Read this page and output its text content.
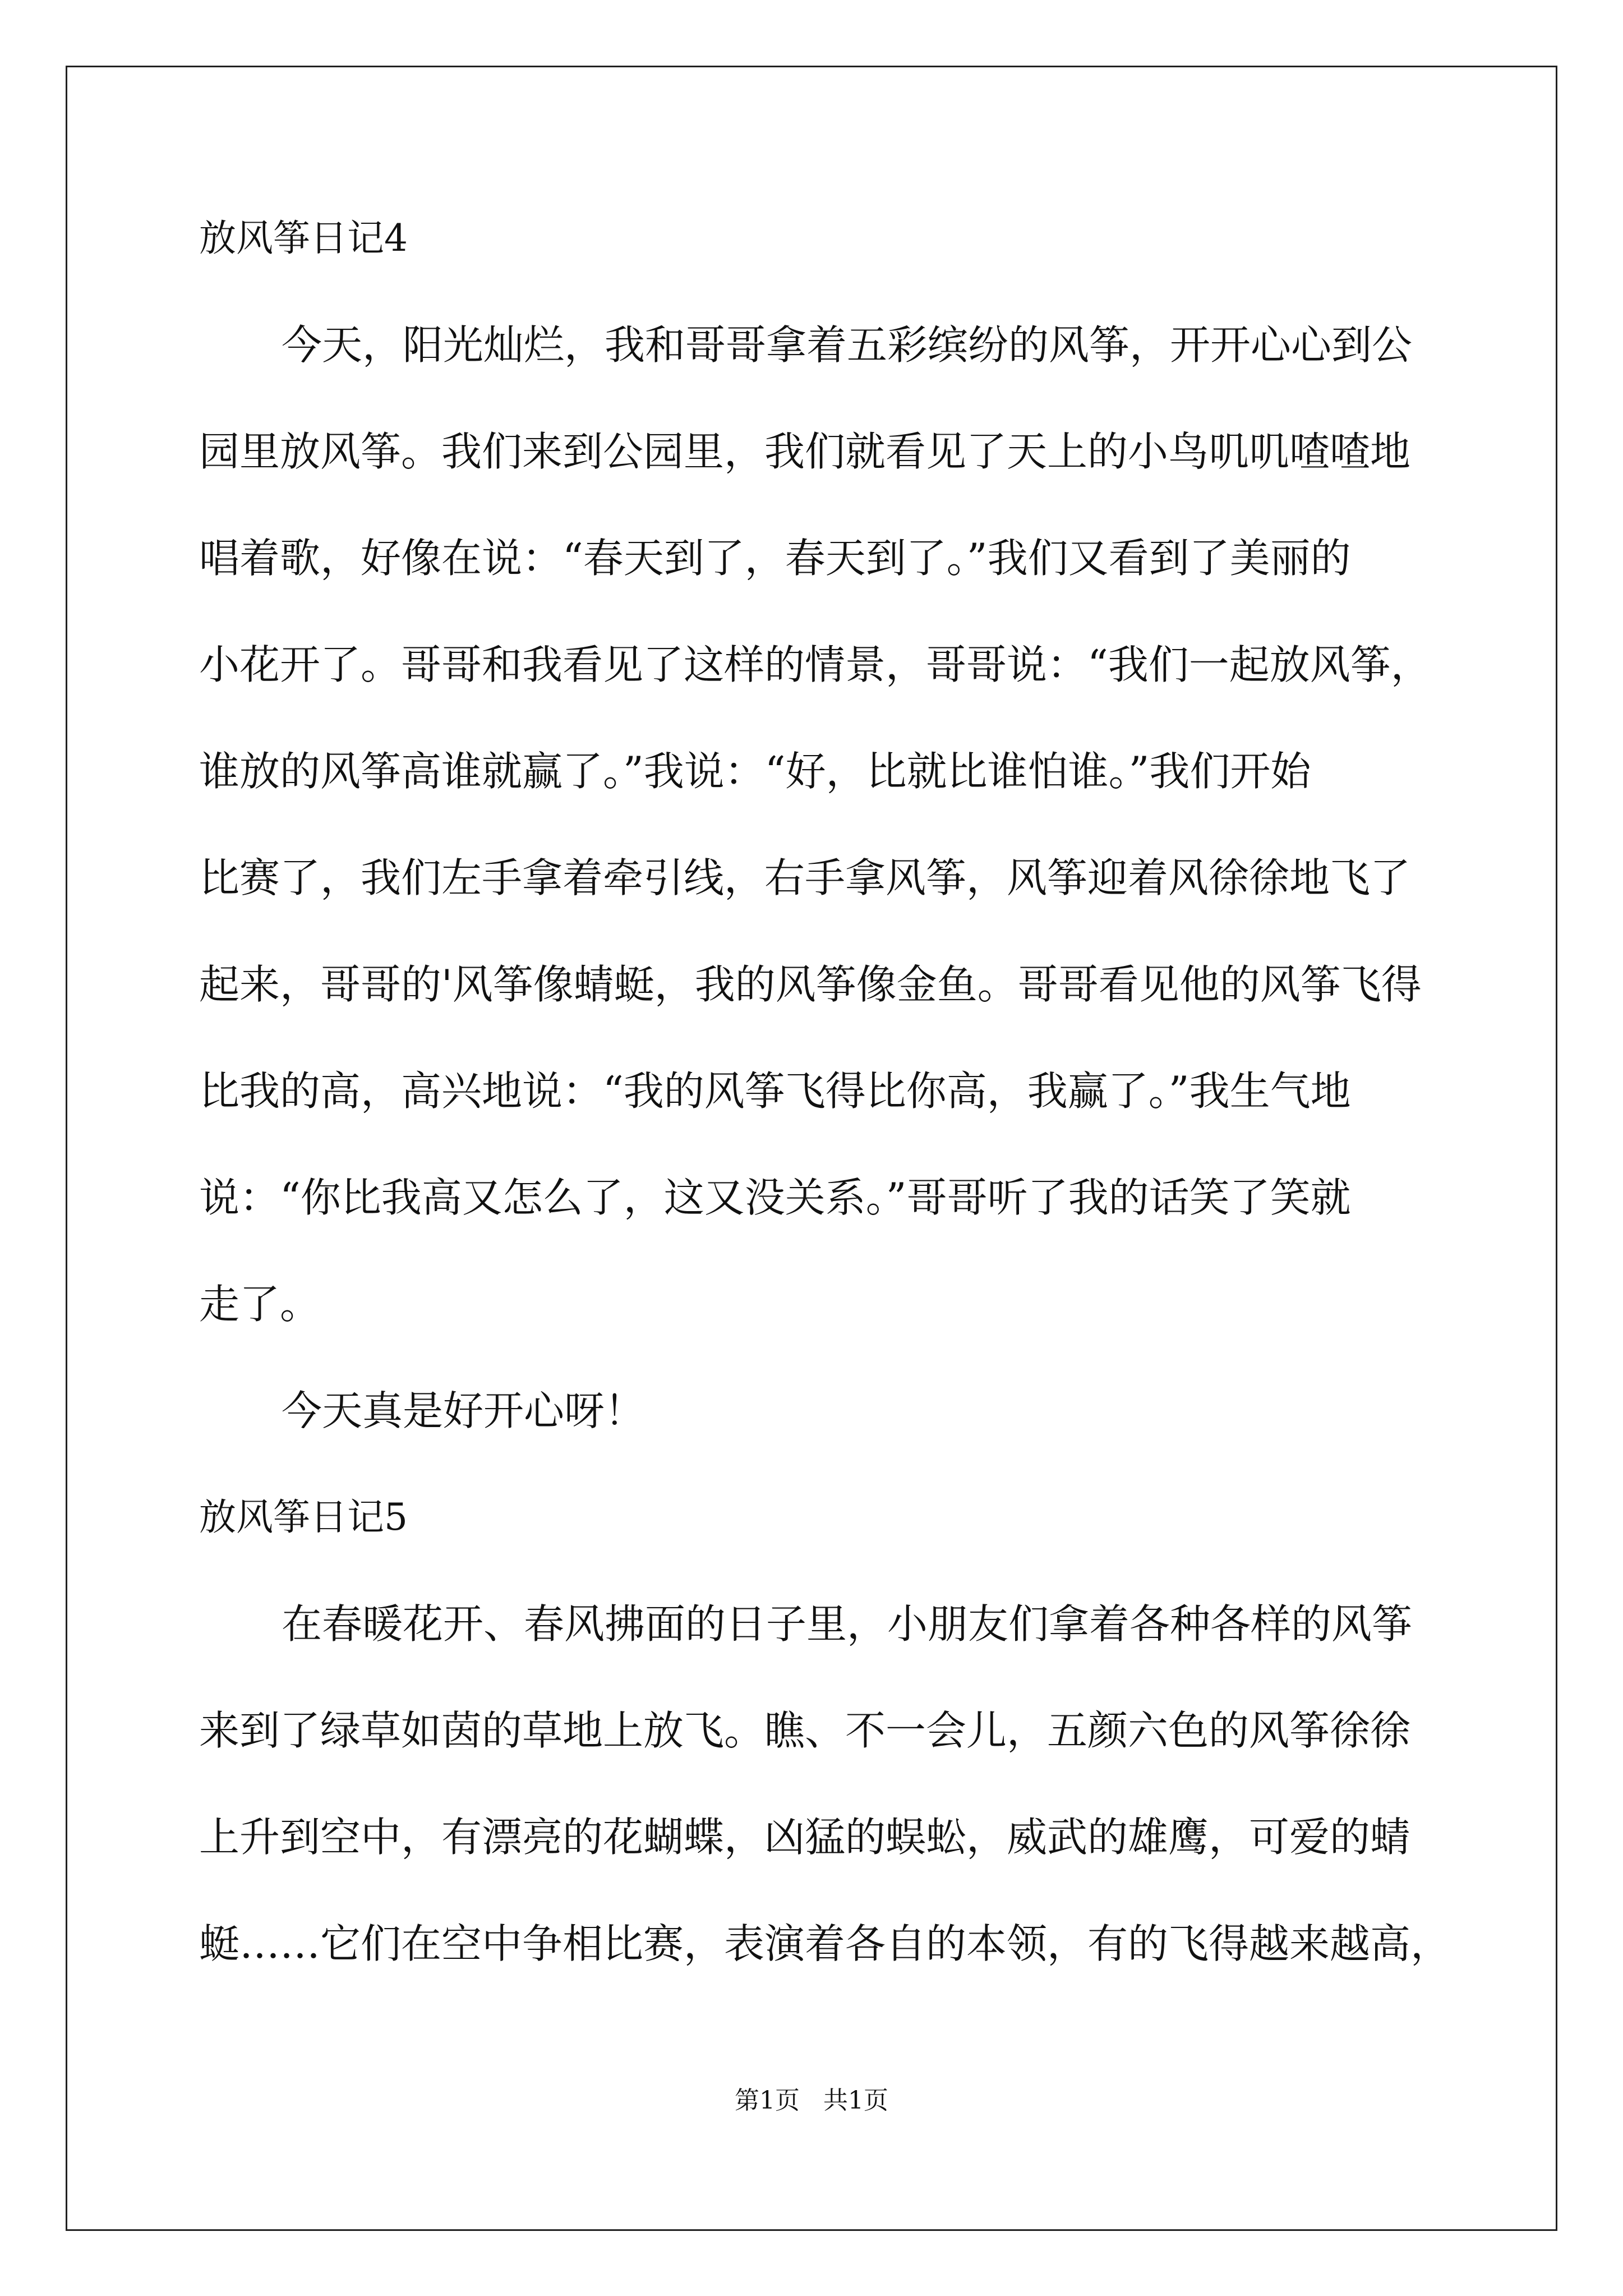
放风筝日记4
今天，阳光灿烂，我和哥哥拿着五彩缤纷的风筝，开开心心到公
园里放风筝。我们来到公园里，我们就看见了天上的小鸟叽叽喳喳地
唱着歌，好像在说：“春天到了，春天到了。”我们又看到了美丽的
小花开了。哥哥和我看见了这样的情景，哥哥说：“我们一起放风筝，
谁放的风筝高谁就赢了。”我说：“好，比就比谁怕谁。”我们开始
比赛了，我们左手拿着牵引线，右手拿风筝，风筝迎着风徐徐地飞了
起来，哥哥的'风筝像蜻蜓，我的风筝像金鱼。哥哥看见他的风筝飞得
比我的高，高兴地说：“我的风筝飞得比你高，我赢了。”我生气地
说：“你比我高又怎么了，这又没关系。”哥哥听了我的话笑了笑就
走了。
今天真是好开心呀！
放风筝日记5
在春暖花开、春风拂面的日子里，小朋友们拿着各种各样的风筝
来到了绿草如茵的草地上放飞。瞧、不一会儿，五颜六色的风筝徐徐
上升到空中，有漂亮的花蝴蝶，凶猛的蜈蚣，威武的雄鹰，可爱的蜻
蜓……它们在空中争相比赛，表演着各自的本领，有的飞得越来越高，
第1页   共1页
